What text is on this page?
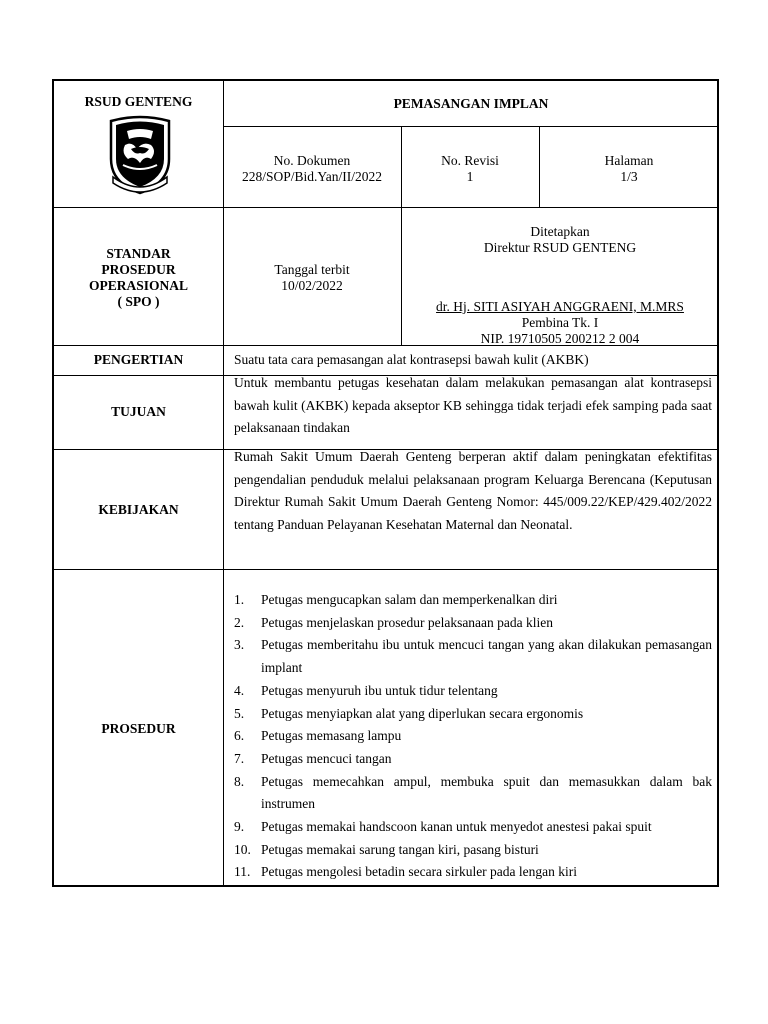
RSUD GENTENG	PEMASANGAN IMPLAN
No. Dokumen
228/SOP/Bid.Yan/II/2022
No. Revisi
1
Halaman
1/3
STANDAR
PROSEDUR
OPERASIONAL
( SPO )
Tanggal terbit
10/02/2022
Ditetapkan
Direktur RSUD GENTENG
dr. Hj. SITI ASIYAH ANGGRAENI, M.MRS
Pembina Tk. I
NIP. 19710505 200212 2 004
PENGERTIAN	Suatu tata cara pemasangan alat kontrasepsi bawah kulit (AKBK)
TUJUAN
Untuk membantu petugas kesehatan dalam melakukan pemasangan alat kontrasepsi bawah kulit (AKBK) kepada akseptor KB sehingga tidak terjadi efek samping pada saat pelaksanaan tindakan
KEBIJAKAN
Rumah Sakit Umum Daerah Genteng berperan aktif dalam peningkatan efektifitas pengendalian penduduk melalui pelaksanaan program Keluarga Berencana (Keputusan Direktur Rumah Sakit Umum Daerah Genteng Nomor: 445/009.22/KEP/429.402/2022 tentang Panduan Pelayanan Kesehatan Maternal dan Neonatal.
PROSEDUR
1. Petugas mengucapkan salam dan memperkenalkan diri
2. Petugas menjelaskan prosedur pelaksanaan pada klien
3. Petugas memberitahu ibu untuk mencuci tangan yang akan dilakukan pemasangan implant
4. Petugas menyuruh ibu untuk tidur telentang
5. Petugas menyiapkan alat yang diperlukan secara ergonomis
6. Petugas memasang lampu
7. Petugas mencuci tangan
8. Petugas memecahkan ampul, membuka spuit dan memasukkan dalam bak instrumen
9. Petugas memakai handscoon kanan untuk menyedot anestesi pakai spuit
10. Petugas memakai sarung tangan kiri, pasang bisturi
11. Petugas mengolesi betadin secara sirkuler pada lengan kiri
